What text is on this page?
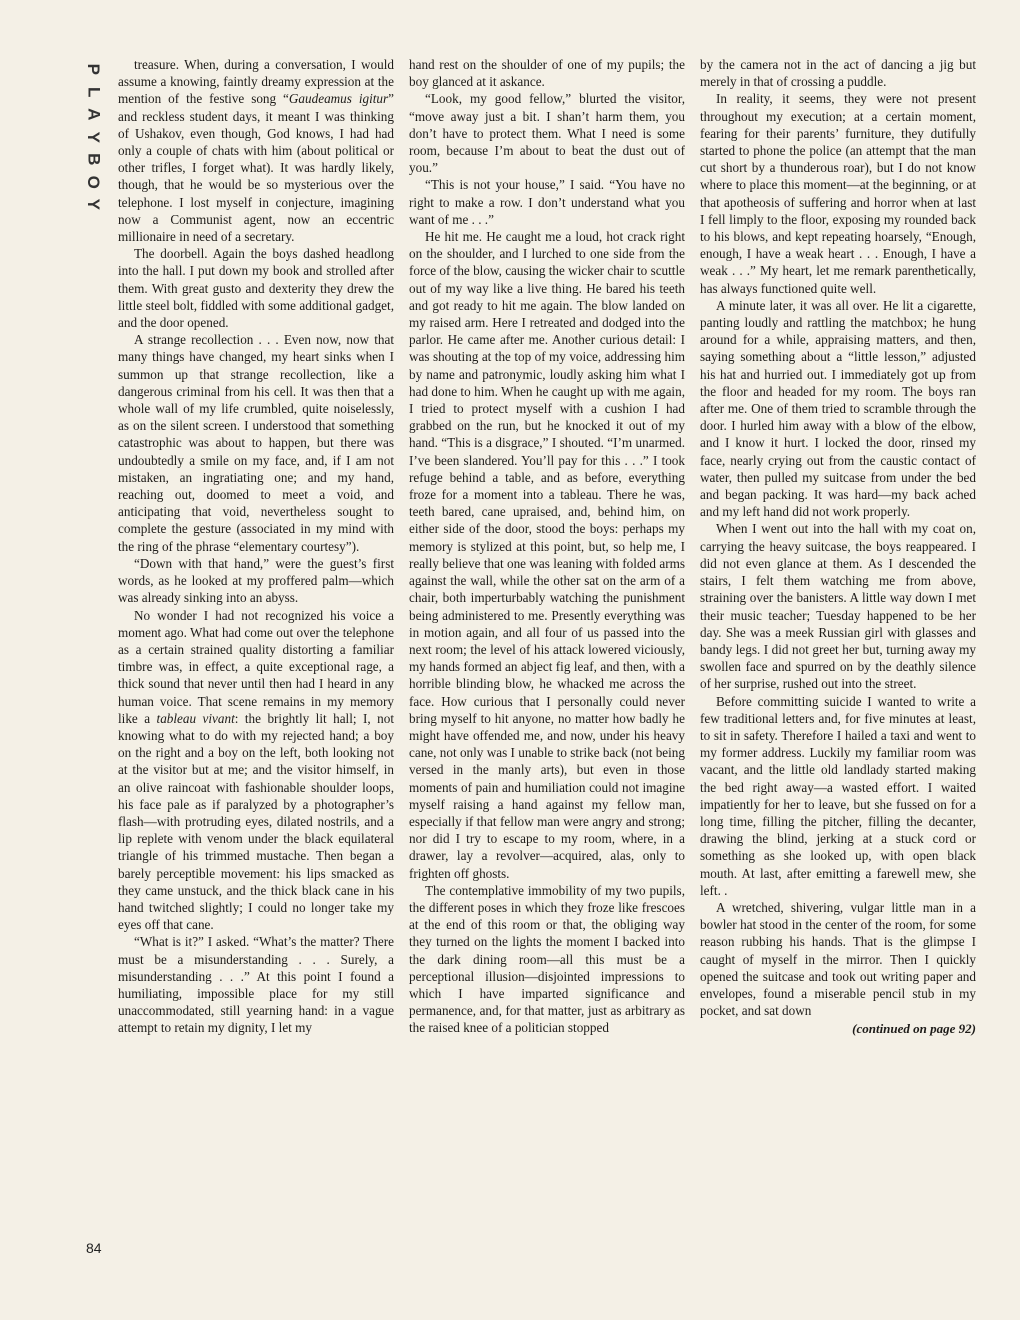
P
L
A
Y
B
O
Y

treasure. When, during a conversation, I would assume a knowing, faintly dreamy expression at the mention of the festive song “Gaudeamus igitur” and reckless student days, it meant I was thinking of Ushakov, even though, God knows, I had had only a couple of chats with him (about political or other trifles, I forget what). It was hardly likely, though, that he would be so mysterious over the telephone. I lost myself in conjecture, imagining now a Communist agent, now an eccentric millionaire in need of a secretary.

The doorbell. Again the boys dashed headlong into the hall. I put down my book and strolled after them. With great gusto and dexterity they drew the little steel bolt, fiddled with some additional gadget, and the door opened.

A strange recollection . . . Even now, now that many things have changed, my heart sinks when I summon up that strange recollection, like a dangerous criminal from his cell. It was then that a whole wall of my life crumbled, quite noiselessly, as on the silent screen. I understood that something catastrophic was about to happen, but there was undoubtedly a smile on my face, and, if I am not mistaken, an ingratiating one; and my hand, reaching out, doomed to meet a void, and anticipating that void, nevertheless sought to complete the gesture (associated in my mind with the ring of the phrase “elementary courtesy”).

“Down with that hand,” were the guest’s first words, as he looked at my proffered palm—which was already sinking into an abyss.

No wonder I had not recognized his voice a moment ago. What had come out over the telephone as a certain strained quality distorting a familiar timbre was, in effect, a quite exceptional rage, a thick sound that never until then had I heard in any human voice. That scene remains in my memory like a tableau vivant: the brightly lit hall; I, not knowing what to do with my rejected hand; a boy on the right and a boy on the left, both looking not at the visitor but at me; and the visitor himself, in an olive raincoat with fashionable shoulder loops, his face pale as if paralyzed by a photographer’s flash—with protruding eyes, dilated nostrils, and a lip replete with venom under the black equilateral triangle of his trimmed mustache. Then began a barely perceptible movement: his lips smacked as they came unstuck, and the thick black cane in his hand twitched slightly; I could no longer take my eyes off that cane.

“What is it?” I asked. “What’s the matter? There must be a misunderstanding . . . Surely, a misunderstanding . . .” At this point I found a humiliating, impossible place for my still unaccommodated, still yearning hand: in a vague attempt to retain my dignity, I let my

hand rest on the shoulder of one of my pupils; the boy glanced at it askance.

“Look, my good fellow,” blurted the visitor, “move away just a bit. I shan’t harm them, you don’t have to protect them. What I need is some room, because I’m about to beat the dust out of you.”

“This is not your house,” I said. “You have no right to make a row. I don’t understand what you want of me . . .”

He hit me. He caught me a loud, hot crack right on the shoulder, and I lurched to one side from the force of the blow, causing the wicker chair to scuttle out of my way like a live thing. He bared his teeth and got ready to hit me again. The blow landed on my raised arm. Here I retreated and dodged into the parlor. He came after me. Another curious detail: I was shouting at the top of my voice, addressing him by name and patronymic, loudly asking him what I had done to him. When he caught up with me again, I tried to protect myself with a cushion I had grabbed on the run, but he knocked it out of my hand. “This is a disgrace,” I shouted. “I’m unarmed. I’ve been slandered. You’ll pay for this . . .” I took refuge behind a table, and as before, everything froze for a moment into a tableau. There he was, teeth bared, cane upraised, and, behind him, on either side of the door, stood the boys: perhaps my memory is stylized at this point, but, so help me, I really believe that one was leaning with folded arms against the wall, while the other sat on the arm of a chair, both imperturbably watching the punishment being administered to me. Presently everything was in motion again, and all four of us passed into the next room; the level of his attack lowered viciously, my hands formed an abject fig leaf, and then, with a horrible blinding blow, he whacked me across the face. How curious that I personally could never bring myself to hit anyone, no matter how badly he might have offended me, and now, under his heavy cane, not only was I unable to strike back (not being versed in the manly arts), but even in those moments of pain and humiliation could not imagine myself raising a hand against my fellow man, especially if that fellow man were angry and strong; nor did I try to escape to my room, where, in a drawer, lay a revolver—acquired, alas, only to frighten off ghosts.

The contemplative immobility of my two pupils, the different poses in which they froze like frescoes at the end of this room or that, the obliging way they turned on the lights the moment I backed into the dark dining room—all this must be a perceptional illusion—disjointed impressions to which I have imparted significance and permanence, and, for that matter, just as arbitrary as the raised knee of a politician stopped

by the camera not in the act of dancing a jig but merely in that of crossing a puddle.

In reality, it seems, they were not present throughout my execution; at a certain moment, fearing for their parents’ furniture, they dutifully started to phone the police (an attempt that the man cut short by a thunderous roar), but I do not know where to place this moment—at the beginning, or at that apotheosis of suffering and horror when at last I fell limply to the floor, exposing my rounded back to his blows, and kept repeating hoarsely, “Enough, enough, I have a weak heart . . . Enough, I have a weak . . .” My heart, let me remark parenthetically, has always functioned quite well.

A minute later, it was all over. He lit a cigarette, panting loudly and rattling the matchbox; he hung around for a while, appraising matters, and then, saying something about a “little lesson,” adjusted his hat and hurried out. I immediately got up from the floor and headed for my room. The boys ran after me. One of them tried to scramble through the door. I hurled him away with a blow of the elbow, and I know it hurt. I locked the door, rinsed my face, nearly crying out from the caustic contact of water, then pulled my suitcase from under the bed and began packing. It was hard—my back ached and my left hand did not work properly.

When I went out into the hall with my coat on, carrying the heavy suitcase, the boys reappeared. I did not even glance at them. As I descended the stairs, I felt them watching me from above, straining over the banisters. A little way down I met their music teacher; Tuesday happened to be her day. She was a meek Russian girl with glasses and bandy legs. I did not greet her but, turning away my swollen face and spurred on by the deathly silence of her surprise, rushed out into the street.

Before committing suicide I wanted to write a few traditional letters and, for five minutes at least, to sit in safety. Therefore I hailed a taxi and went to my former address. Luckily my familiar room was vacant, and the little old landlady started making the bed right away—a wasted effort. I waited impatiently for her to leave, but she fussed on for a long time, filling the pitcher, filling the decanter, drawing the blind, jerking at a stuck cord or something as she looked up, with open black mouth. At last, after emitting a farewell mew, she left. .

A wretched, shivering, vulgar little man in a bowler hat stood in the center of the room, for some reason rubbing his hands. That is the glimpse I caught of myself in the mirror. Then I quickly opened the suitcase and took out writing paper and envelopes, found a miserable pencil stub in my pocket, and sat down

(continued on page 92)
84
